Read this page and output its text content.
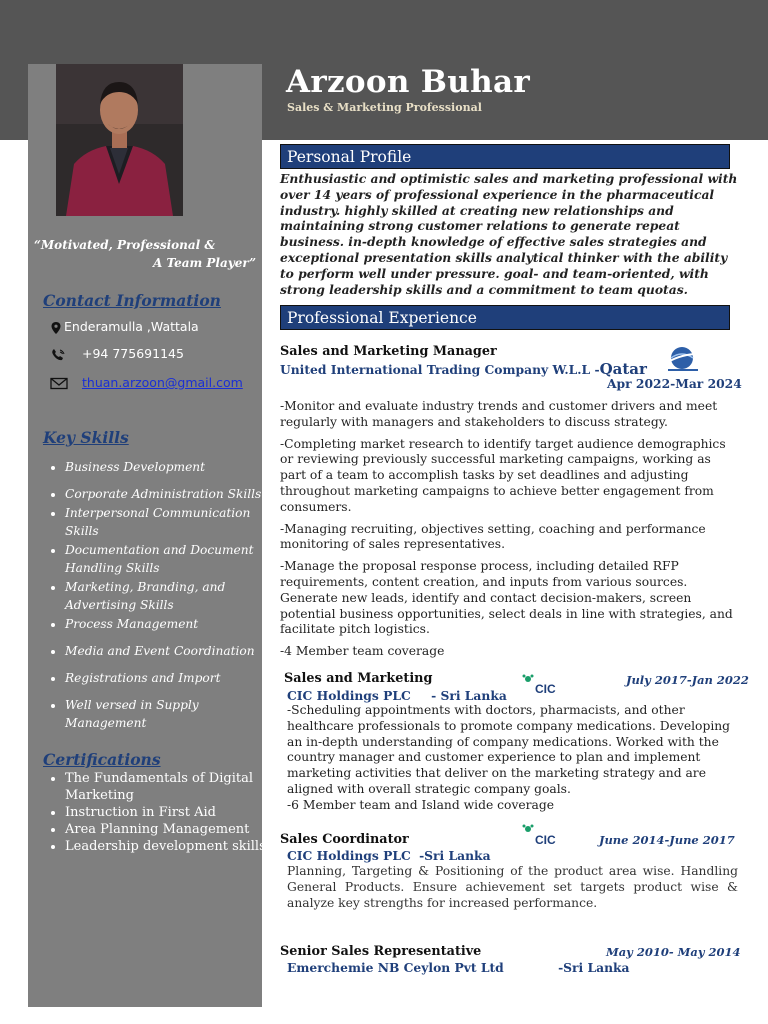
Arzoon Buhar
Sales & Marketing Professional
“Motivated, Professional &
A Team Player”
Contact Information
Enderamulla ,Wattala
+94 775691145
thuan.arzoon@gmail.com
Key Skills
• Business Development
• Corporate Administration Skills
• Interpersonal Communication Skills
• Documentation and Document Handling Skills
• Marketing, Branding, and Advertising Skills
• Process Management
• Media and Event Coordination
• Registrations and Import
• Well versed in Supply Management
Certifications
• The Fundamentals of Digital Marketing
• Instruction in First Aid
• Area Planning Management
• Leadership development skills
Personal Profile
Enthusiastic and optimistic sales and marketing professional with over 14 years of professional experience in the pharmaceutical industry. highly skilled at creating new relationships and maintaining strong customer relations to generate repeat business. in-depth knowledge of effective sales strategies and exceptional presentation skills analytical thinker with the ability to perform well under pressure. goal- and team-oriented, with strong leadership skills and a commitment to team quotas.
Professional Experience
Sales and Marketing Manager
United International Trading Company W.L.L -Qatar
Apr 2022-Mar 2024

-Monitor and evaluate industry trends and customer drivers and meet regularly with managers and stakeholders to discuss strategy.

-Completing market research to identify target audience demographics or reviewing previously successful marketing campaigns, working as part of a team to accomplish tasks by set deadlines and adjusting throughout marketing campaigns to achieve better engagement from consumers.

-Managing recruiting, objectives setting, coaching and performance monitoring of sales representatives.

-Manage the proposal response process, including detailed RFP requirements, content creation, and inputs from various sources. Generate new leads, identify and contact decision-makers, screen potential business opportunities, select deals in line with strategies, and facilitate pitch logistics.

-4 Member team coverage

Sales and Marketing
CIC
July 2017-Jan 2022
CIC Holdings PLC - Sri Lanka

-Scheduling appointments with doctors, pharmacists, and other healthcare professionals to promote company medications. Developing an in-depth understanding of company medications. Worked with the country manager and customer experience to plan and implement marketing activities that deliver on the marketing strategy and are aligned with overall strategic company goals.

-6 Member team and Island wide coverage

Sales Coordinator	CIC	June 2014-June 2017
CIC Holdings PLC -Sri Lanka

Planning, Targeting & Positioning of the product area wise. Handling General Products. Ensure achievement set targets product wise & analyze key strengths for increased performance.

Senior Sales Representative	May 2010- May 2014
Emerchemie NB Ceylon Pvt Ltd	-Sri Lanka
